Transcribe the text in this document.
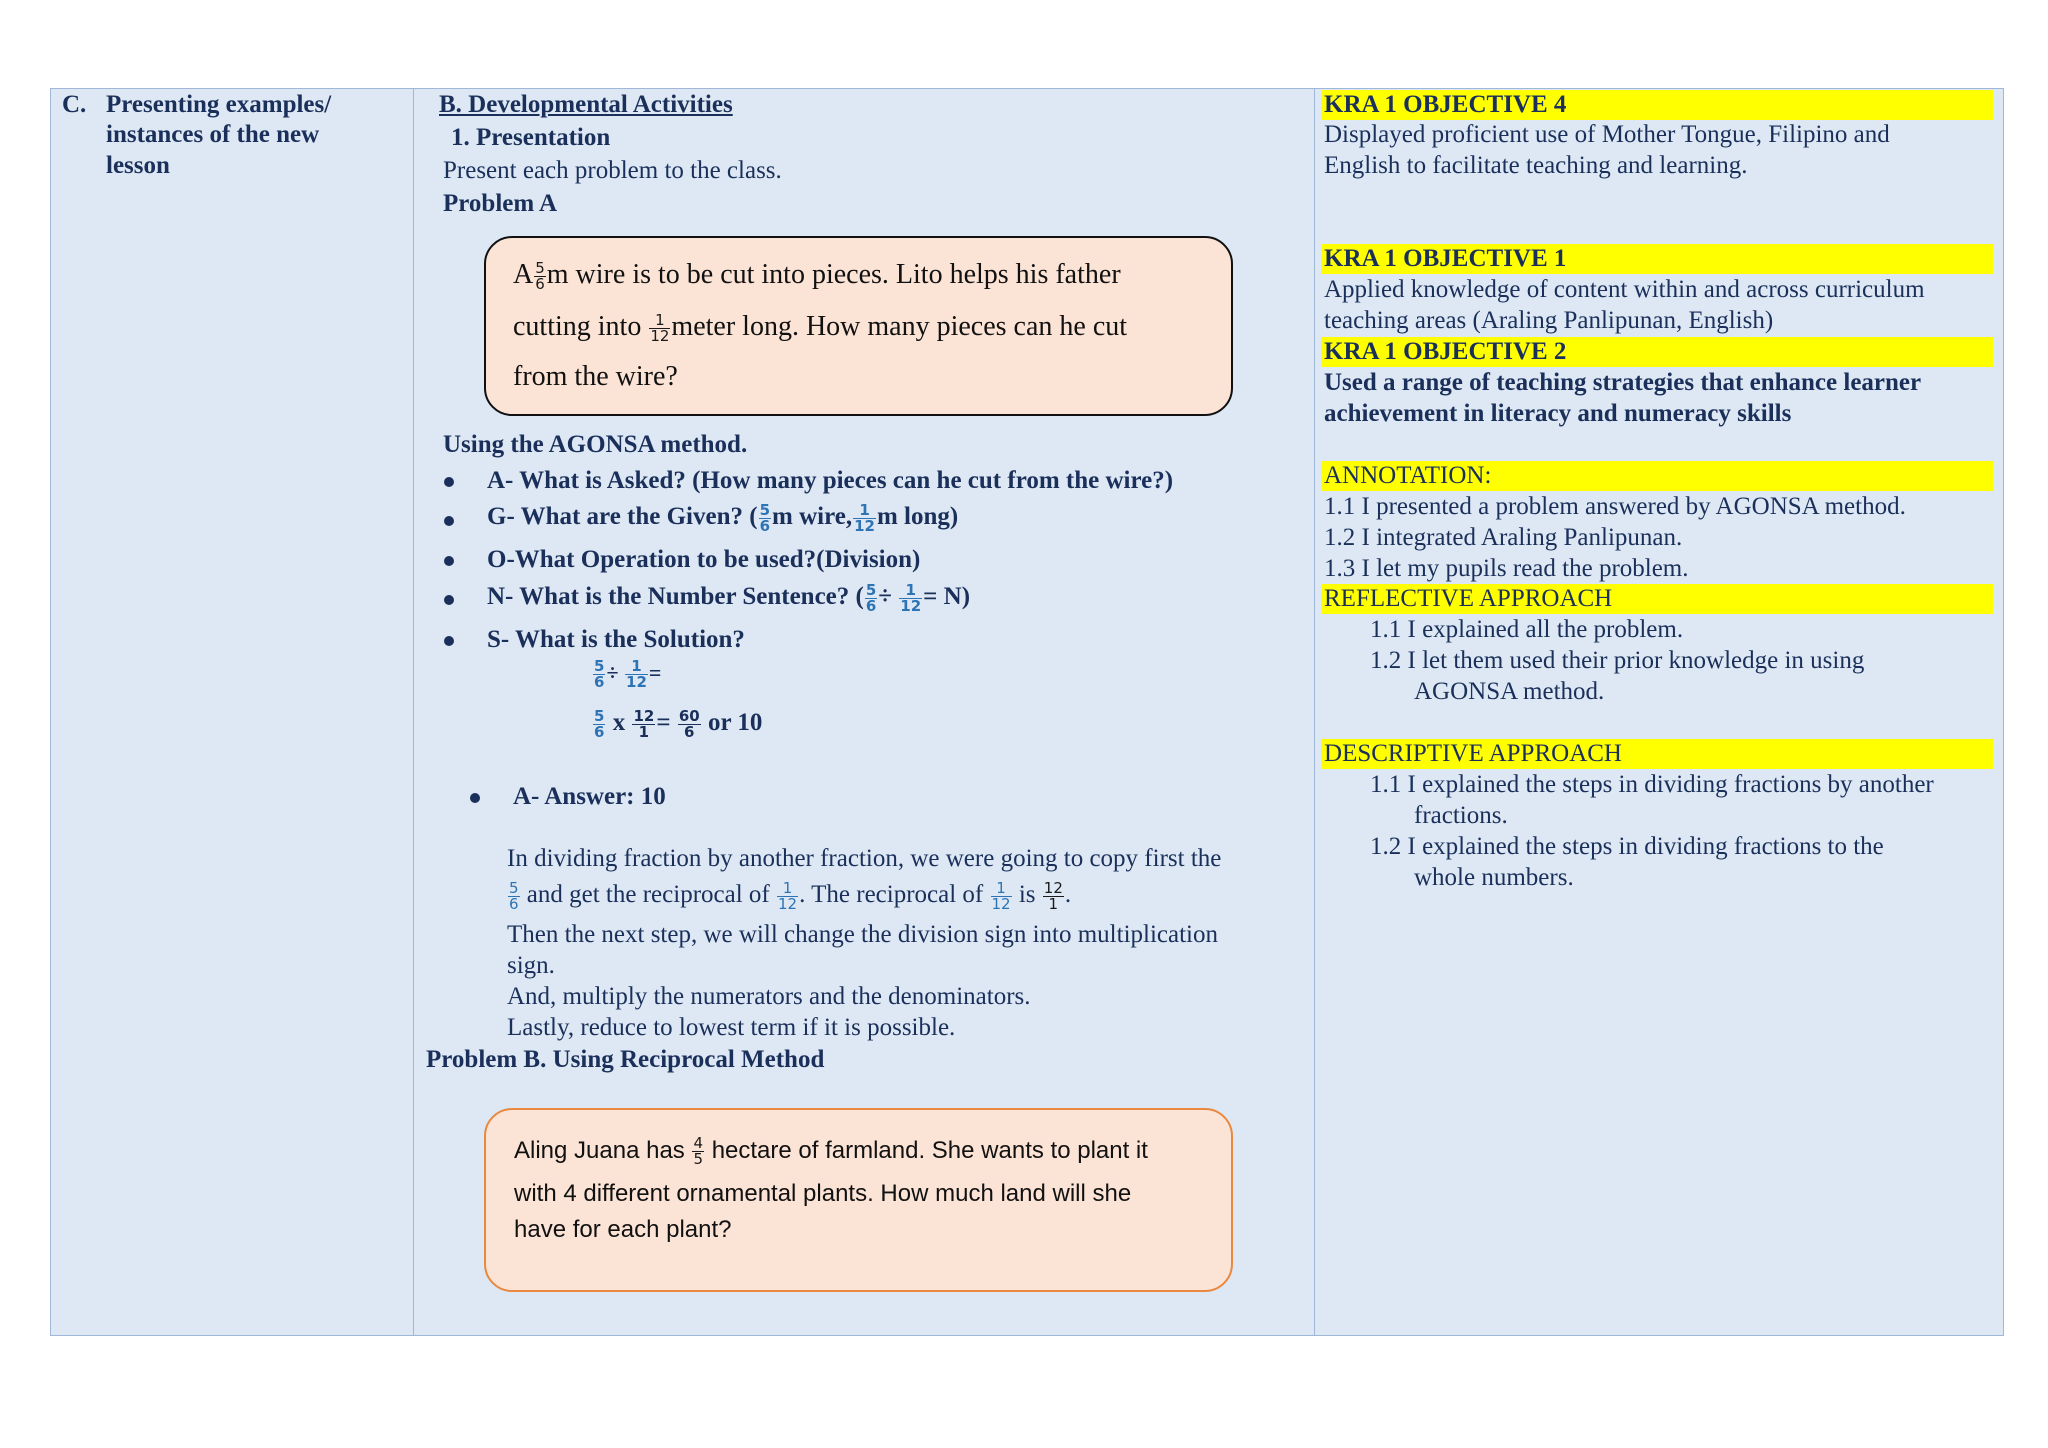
C. Presenting examples/
instances of the new
lesson
B. Developmental Activities
1. Presentation
Present each problem to the class.
Problem A
A $\frac{5}{6}$ m wire is to be cut into pieces. Lito helps his father
cutting into $\frac{1}{12}$ meter long. How many pieces can he cut
from the wire?
Using the AGONSA method.
A- What is Asked? (How many pieces can he cut from the wire?)
G- What are the Given? ( $\frac{5}{6}$ m wire, $\frac{1}{12}$ m long)
O-What Operation to be used?(Division)
N- What is the Number Sentence? ( $\frac{5}{6} \div \frac{1}{12} = N$)
S- What is the Solution?
$\frac{5}{6} \div \frac{1}{12}$ =
$\frac{5}{6}$ x $\frac{12}{1} = \frac{60}{6}$ or 10
A- Answer: 10
In dividing fraction by another fraction, we were going to copy first the
$\frac{5}{6}$ and get the reciprocal of $\frac{1}{12}$ . The reciprocal of $\frac{1}{12}$ is $\frac{12}{1}$ .
Then the next step, we will change the division sign into multiplication
sign.
And, multiply the numerators and the denominators.
Lastly, reduce to lowest term if it is possible.
Problem B. Using Reciprocal Method
Aling Juana has $\frac{4}{5}$ hectare of farmland. She wants to plant it
with 4 different ornamental plants. How much land will she
have for each plant?
KRA 1 OBJECTIVE 4
Displayed proficient use of Mother Tongue, Filipino and
English to facilitate teaching and learning.
KRA 1 OBJECTIVE 1
Applied knowledge of content within and across curriculum
teaching areas (Araling Panlipunan, English)
KRA 1 OBJECTIVE 2
Used a range of teaching strategies that enhance learner
achievement in literacy and numeracy skills
ANNOTATION:
1.1 I presented a problem answered by AGONSA method.
1.2 I integrated Araling Panlipunan.
1.3 I let my pupils read the problem.
REFLECTIVE APPROACH
1.1 I explained all the problem.
1.2 I let them used their prior knowledge in using
AGONSA method.
DESCRIPTIVE APPROACH
1.1 I explained the steps in dividing fractions by another
fractions.
1.2 I explained the steps in dividing fractions to the
whole numbers.
